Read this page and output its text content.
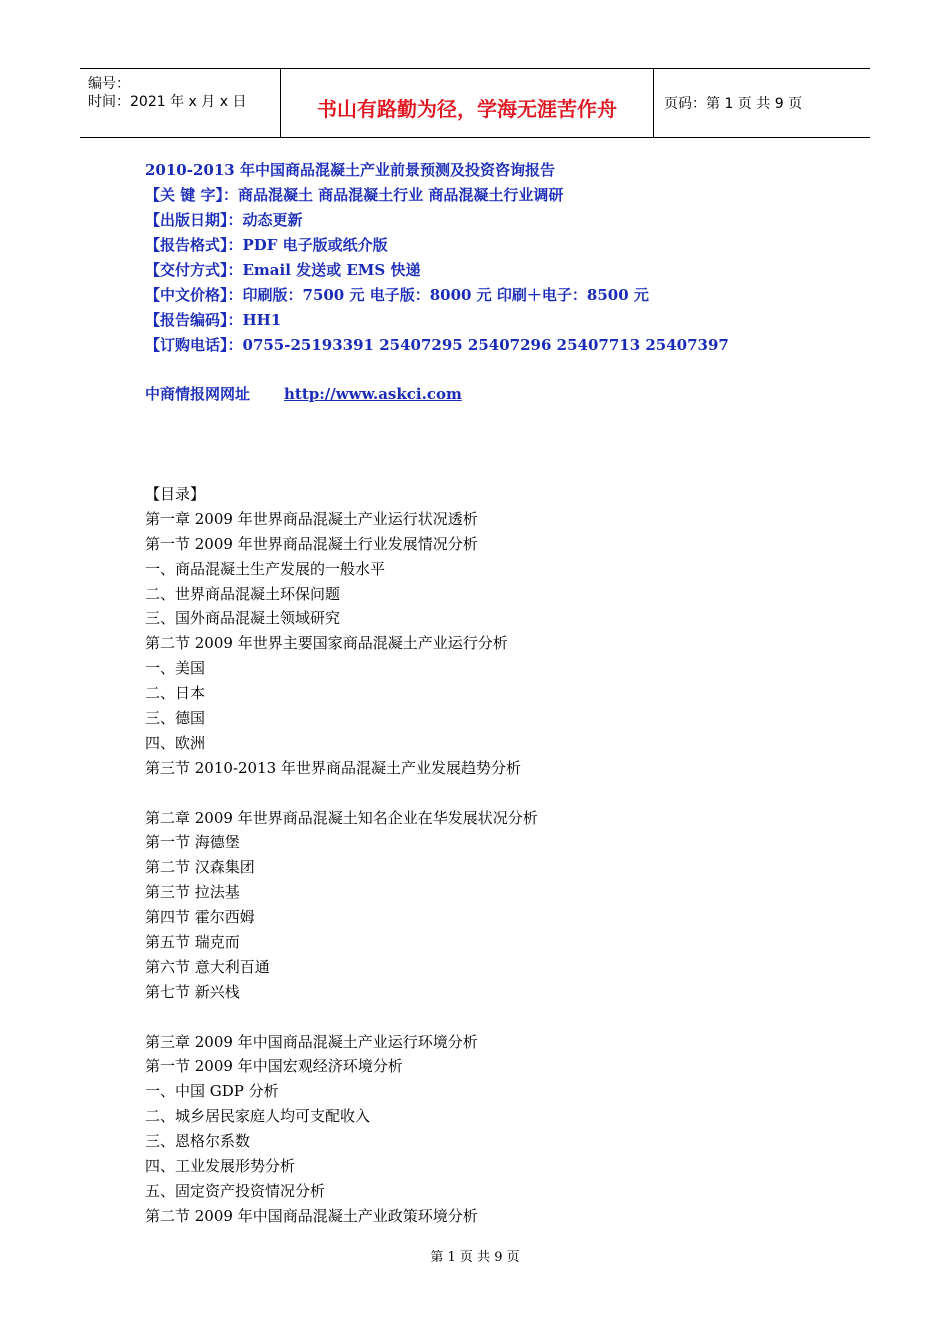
编号：
时间：2021 年 x 月 x 日	书山有路勤为径，学海无涯苦作舟	页码：第 1 页 共 9 页
2010-2013 年中国商品混凝土产业前景预测及投资咨询报告
【关 键 字】：商品混凝土 商品混凝土行业 商品混凝土行业调研
【出版日期】：动态更新
【报告格式】：PDF 电子版或纸介版
【交付方式】：Email 发送或 EMS 快递
【中文价格】：印刷版：7500 元 电子版：8000 元 印刷＋电子：8500 元
【报告编码】：HH1
【订购电话】：0755-25193391 25407295 25407296 25407713 25407397
中商情报网网址 http://www.askci.com
【目录】
第一章 2009 年世界商品混凝土产业运行状况透析
第一节 2009 年世界商品混凝土行业发展情况分析
一、商品混凝土生产发展的一般水平
二、世界商品混凝土环保问题
三、国外商品混凝土领域研究
第二节 2009 年世界主要国家商品混凝土产业运行分析
一、美国
二、日本
三、德国
四、欧洲
第三节 2010-2013 年世界商品混凝土产业发展趋势分析
第二章 2009 年世界商品混凝土知名企业在华发展状况分析
第一节 海德堡
第二节 汉森集团
第三节 拉法基
第四节 霍尔西姆
第五节 瑞克而
第六节 意大利百通
第七节 新兴栈
第三章 2009 年中国商品混凝土产业运行环境分析
第一节 2009 年中国宏观经济环境分析
一、中国 GDP 分析
二、城乡居民家庭人均可支配收入
三、恩格尔系数
四、工业发展形势分析
五、固定资产投资情况分析
第二节 2009 年中国商品混凝土产业政策环境分析
第 1 页 共 9 页
